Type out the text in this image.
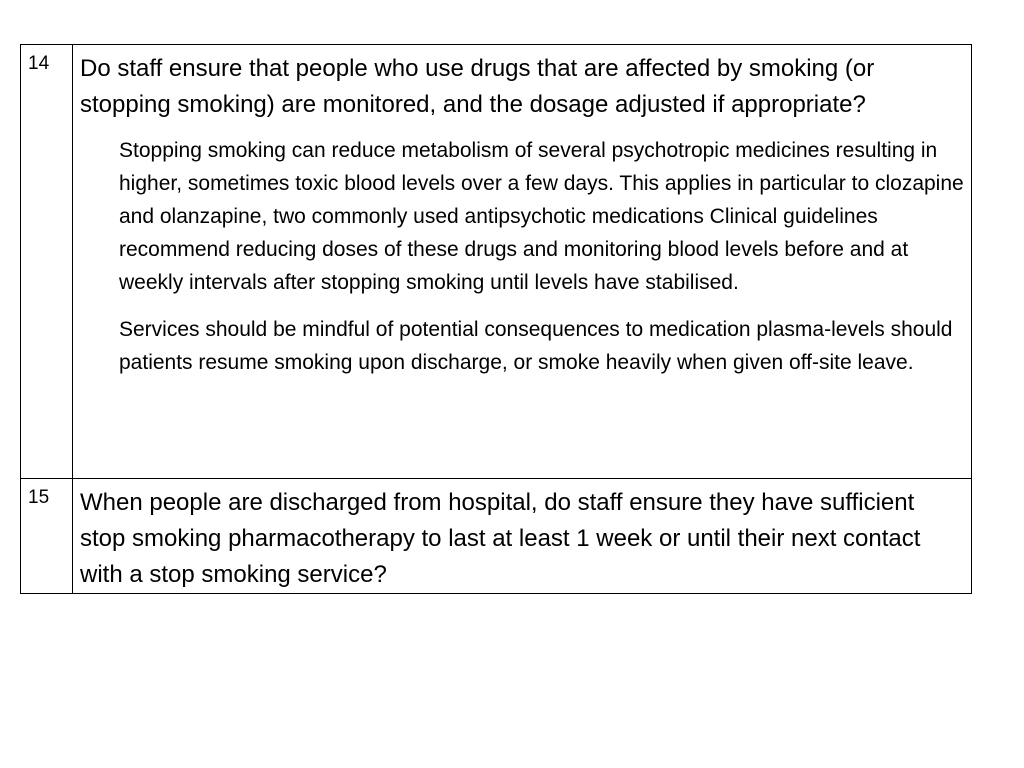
14	Do staff ensure that people who use drugs that are affected by smoking (or stopping smoking) are monitored, and the dosage adjusted if appropriate?

Stopping smoking can reduce metabolism of several psychotropic medicines resulting in higher, sometimes toxic blood levels over a few days. This applies in particular to clozapine and olanzapine, two commonly used antipsychotic medications Clinical guidelines recommend reducing doses of these drugs and monitoring blood levels before and at weekly intervals after stopping smoking until levels have stabilised.

Services should be mindful of potential consequences to medication plasma-levels should patients resume smoking upon discharge, or smoke heavily when given off-site leave.

15	When people are discharged from hospital, do staff ensure they have sufficient stop smoking pharmacotherapy to last at least 1 week or until their next contact with a stop smoking service?
